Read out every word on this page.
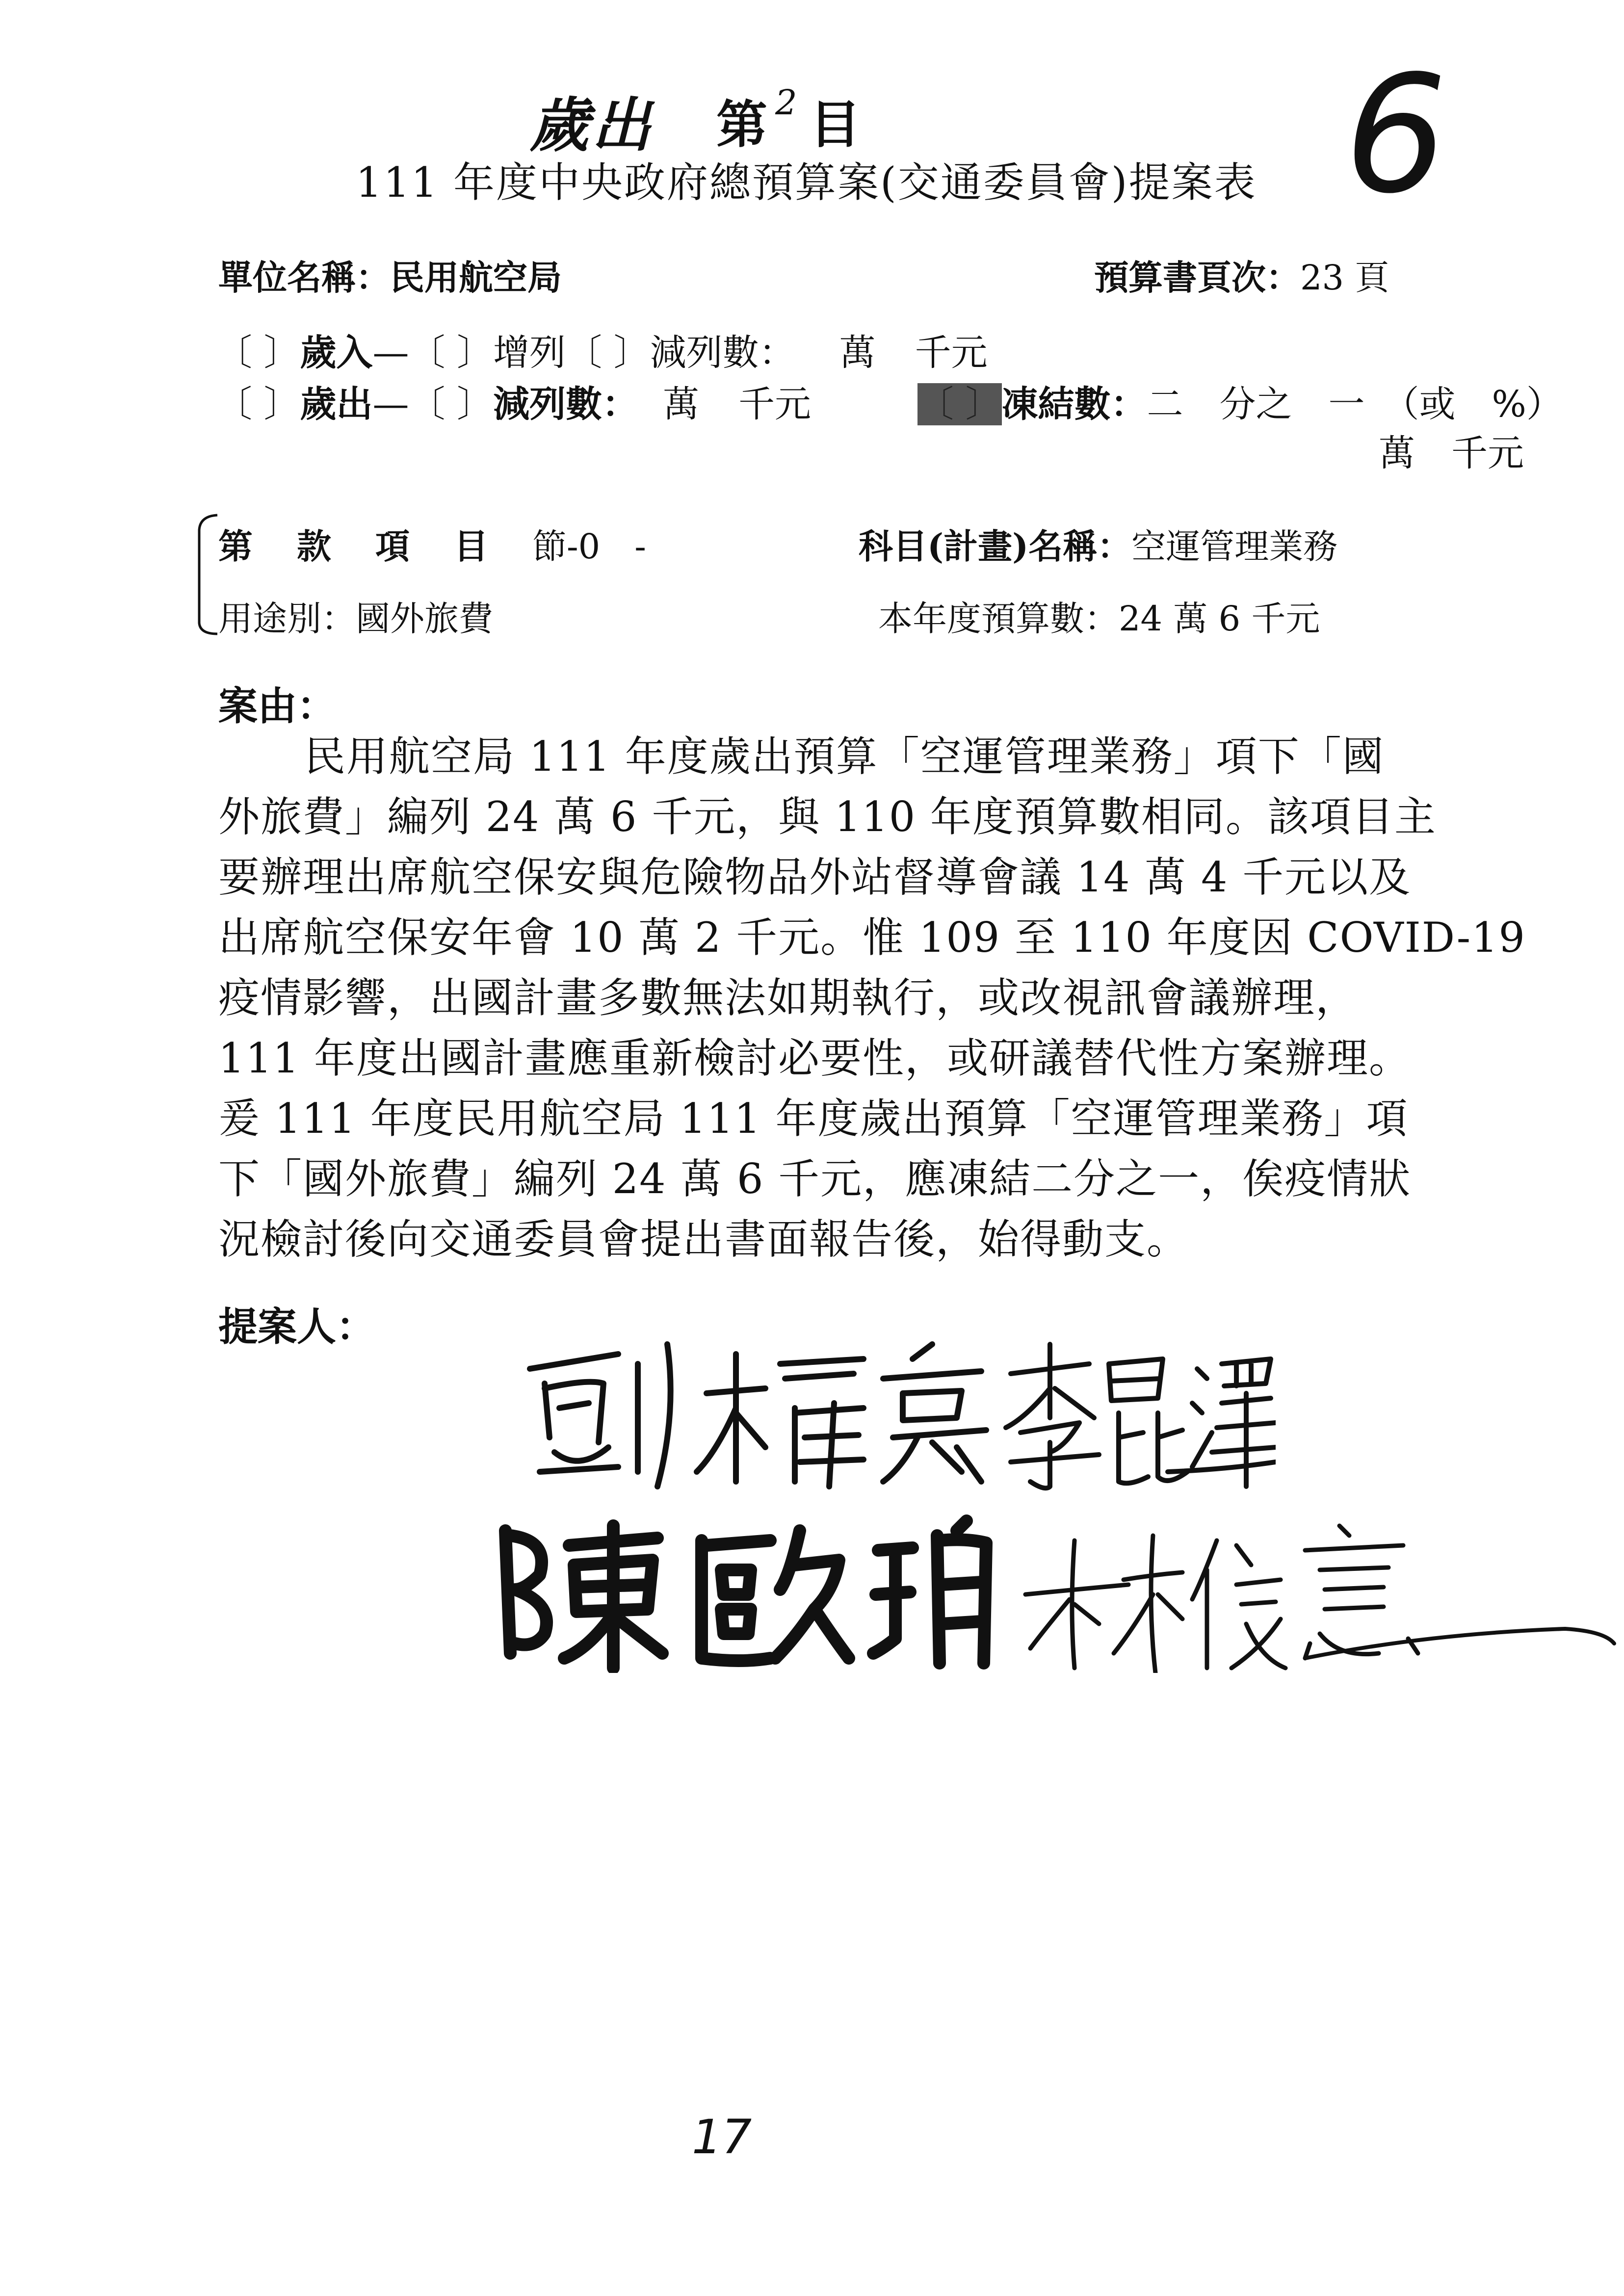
歲出 第 2 目
111 年度中央政府總預算案(交通委員會)提案表 6
單位名稱：民用航空局	預算書頁次：23 頁
〔 〕歲入—〔 〕增列〔 〕減列數： 萬 千元
〔 〕歲出—〔 〕減列數： 萬 千元	〔 〕凍結數：二　分之　一　（或　%）
萬　千元
第 款 項 目 節-0 -	科目(計畫)名稱：空運管理業務
用途別：國外旅費	本年度預算數：24 萬 6 千元
案由：
民用航空局 111 年度歲出預算「空運管理業務」項下「國
外旅費」編列 24 萬 6 千元，與 110 年度預算數相同。該項目主
要辦理出席航空保安與危險物品外站督導會議 14 萬 4 千元以及
出席航空保安年會 10 萬 2 千元。惟 109 至 110 年度因 COVID-19
疫情影響，出國計畫多數無法如期執行，或改視訊會議辦理，
111 年度出國計畫應重新檢討必要性，或研議替代性方案辦理。
爰 111 年度民用航空局 111 年度歲出預算「空運管理業務」項
下「國外旅費」編列 24 萬 6 千元，應凍結二分之一，俟疫情狀
況檢討後向交通委員會提出書面報告後，始得動支。
提案人：
17
